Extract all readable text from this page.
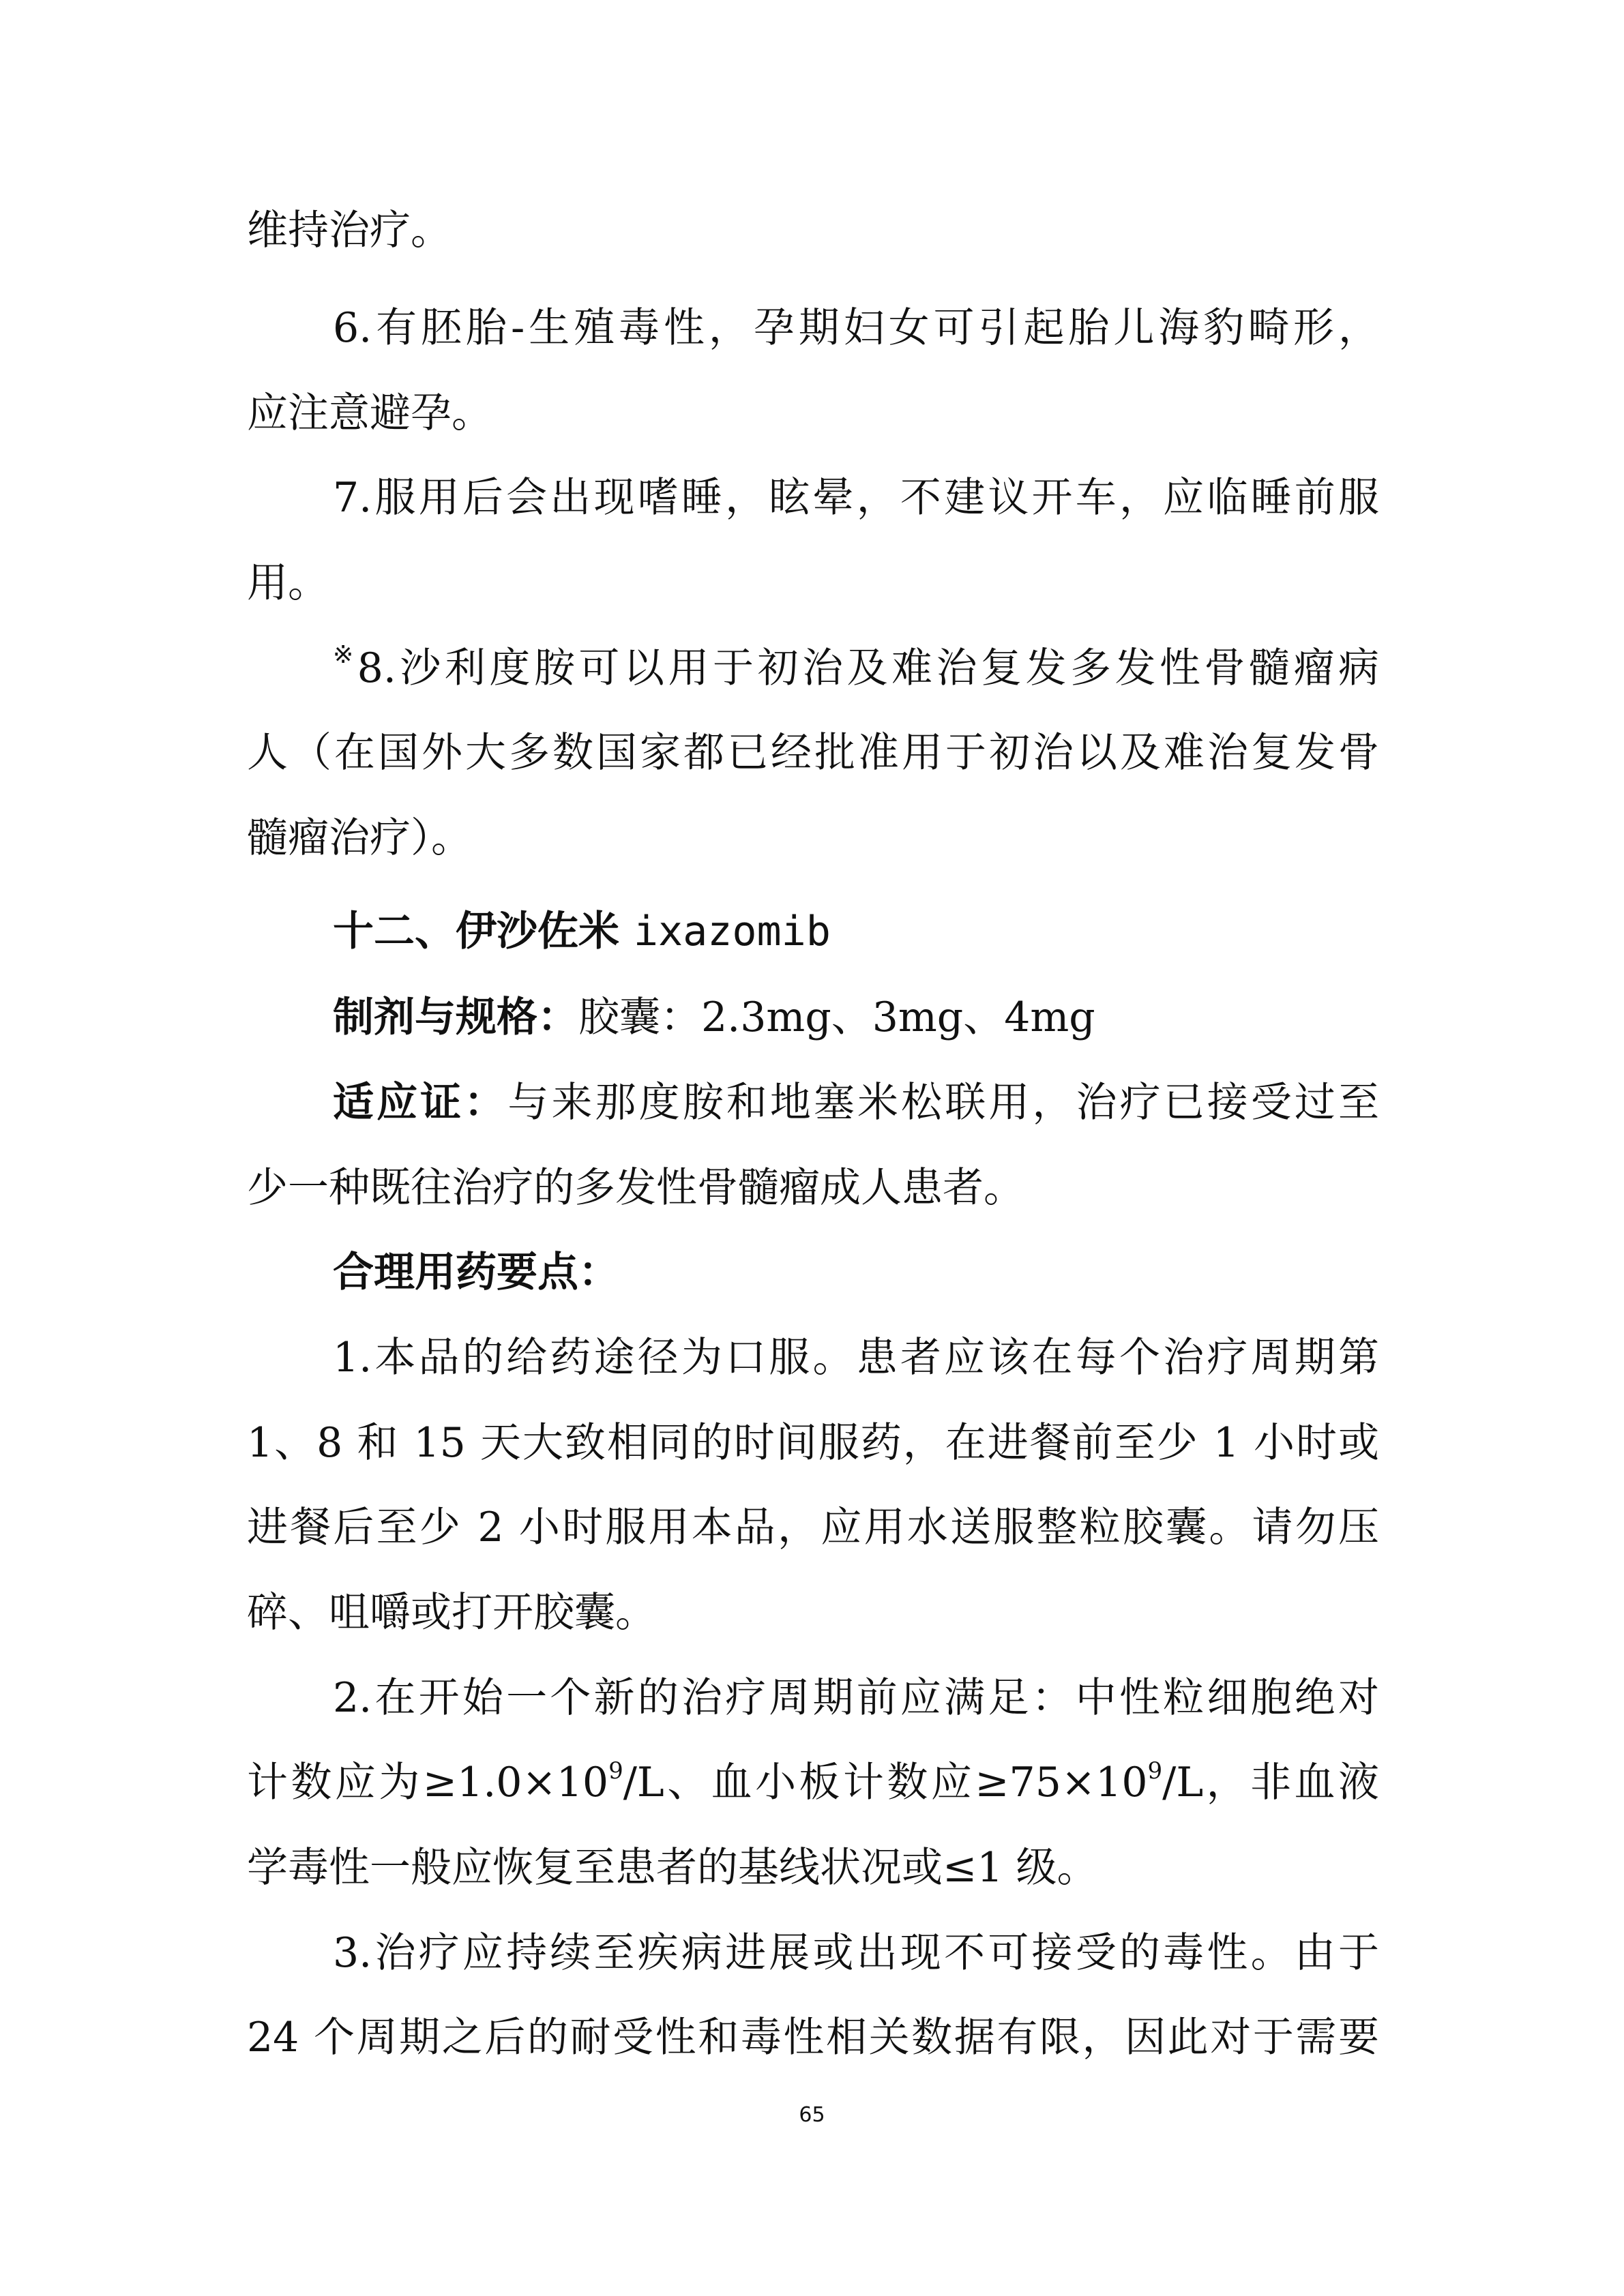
维持治疗。
6.有胚胎-生殖毒性，孕期妇女可引起胎儿海豹畸形，
应注意避孕。
7.服用后会出现嗜睡，眩晕，不建议开车，应临睡前服
用。
※8.沙利度胺可以用于初治及难治复发多发性骨髓瘤病
人（在国外大多数国家都已经批准用于初治以及难治复发骨
髓瘤治疗）。
十二、伊沙佐米 ixazomib
制剂与规格：胶囊：2.3mg、3mg、4mg
适应证：与来那度胺和地塞米松联用，治疗已接受过至
少一种既往治疗的多发性骨髓瘤成人患者。
合理用药要点：
1.本品的给药途径为口服。患者应该在每个治疗周期第
1、8 和 15 天大致相同的时间服药，在进餐前至少 1 小时或
进餐后至少 2 小时服用本品，应用水送服整粒胶囊。请勿压
碎、咀嚼或打开胶囊。
2.在开始一个新的治疗周期前应满足：中性粒细胞绝对
计数应为$\ge 1.0\times 10^9/L$、血小板计数应$\ge 75\times 10^9/L$，非血液
学毒性一般应恢复至患者的基线状况或≤1 级。
3.治疗应持续至疾病进展或出现不可接受的毒性。由于
24 个周期之后的耐受性和毒性相关数据有限，因此对于需要
65
